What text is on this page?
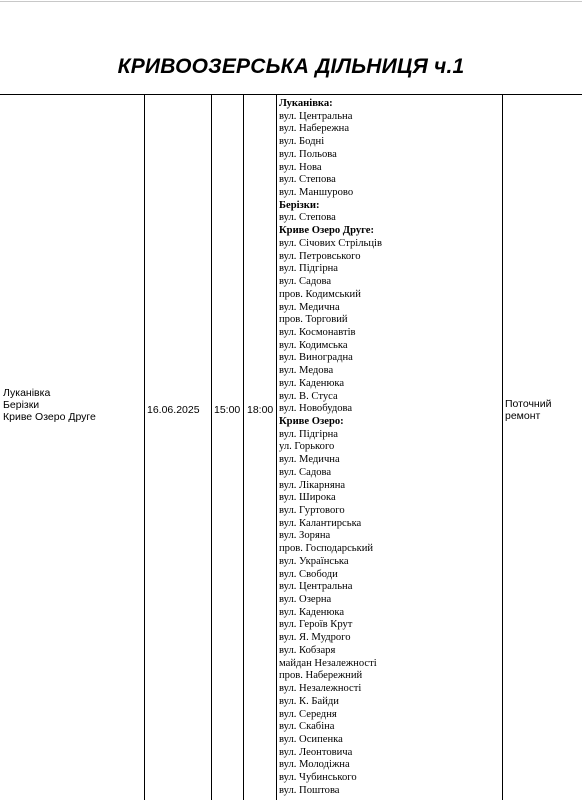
КРИВООЗЕРСЬКА ДІЛЬНИЦЯ ч.1
Луканівка
Берізки
Криве Озеро Друге
16.06.2025 15:00 18:00
Луканівка:
вул. Центральна
вул. Набережна
вул. Бодні
вул. Польова
вул. Нова
вул. Степова
вул. Маншурово
Берізки:
вул. Степова
Криве Озеро Друге:
вул. Січових Стрільців
вул. Петровського
вул. Підгірна
вул. Садова
пров. Кодимський
вул. Медична
пров. Торговий
вул. Космонавтів
вул. Кодимська
вул. Виноградна
вул. Медова
вул. Каденюка
вул. В. Стуса
вул. Новобудова
Криве Озеро:
вул. Підгірна
ул. Горького
вул. Медична
вул. Садова
вул. Лікарняна
вул. Широка
вул. Гуртового
вул. Калантирська
вул. Зоряна
пров. Господарський
вул. Українська
вул. Свободи
вул. Центральна
вул. Озерна
вул. Каденюка
вул. Героїв Крут
вул. Я. Мудрого
вул. Кобзаря
майдан Незалежності
пров. Набережний
вул. Незалежності
вул. К. Байди
вул. Середня
вул. Скабіна
вул. Осипенка
вул. Леонтовича
вул. Молодіжна
вул. Чубинського
вул. Поштова
Поточний
ремонт
